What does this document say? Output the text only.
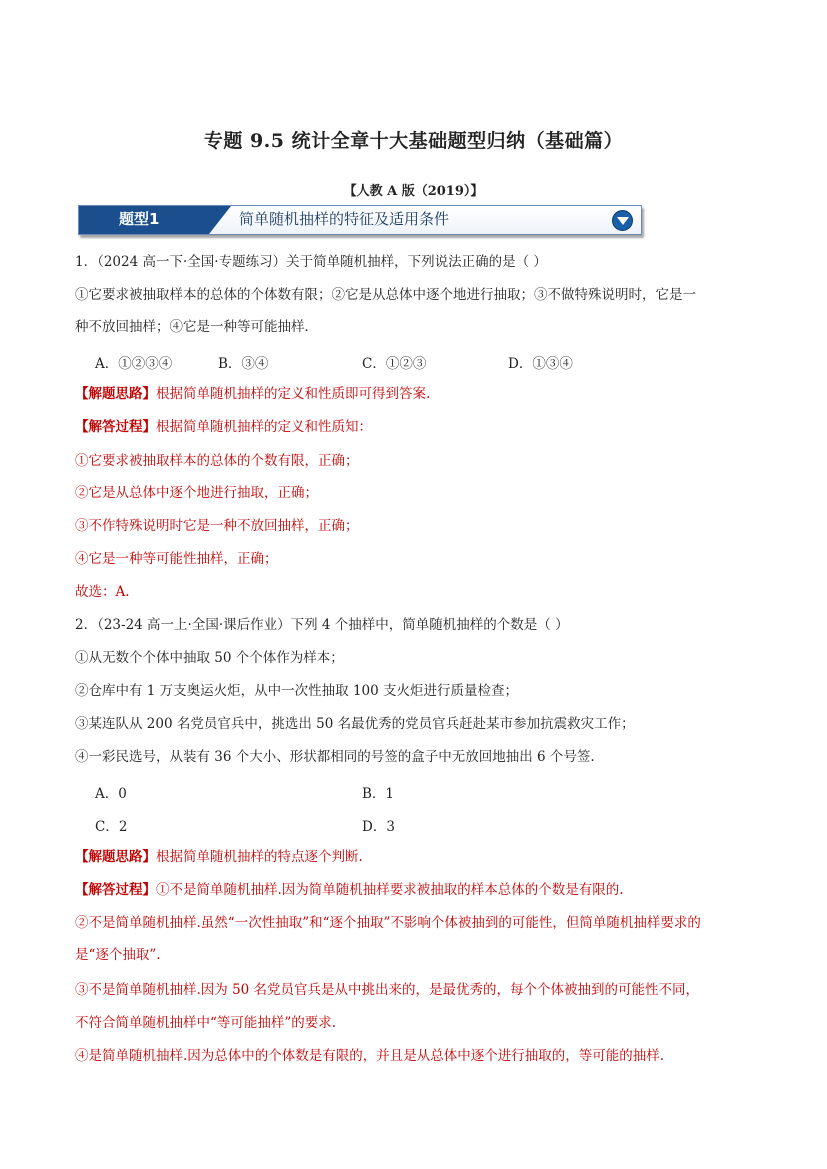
专题 9.5 统计全章十大基础题型归纳（基础篇）
【人教 A 版（2019）】
题型1	简单随机抽样的特征及适用条件
1．（2024 高一下·全国·专题练习）关于简单随机抽样，下列说法正确的是（ ）
①它要求被抽取样本的总体的个体数有限；②它是从总体中逐个地进行抽取；③不做特殊说明时，它是一
种不放回抽样；④它是一种等可能抽样．
A．①②③④	B．③④	C．①②③	D．①③④
【解题思路】根据简单随机抽样的定义和性质即可得到答案.
【解答过程】根据简单随机抽样的定义和性质知：
①它要求被抽取样本的总体的个数有限，正确；
②它是从总体中逐个地进行抽取，正确；
③不作特殊说明时它是一种不放回抽样，正确；
④它是一种等可能性抽样，正确；
故选：A.
2．（23-24 高一上·全国·课后作业）下列 4 个抽样中，简单随机抽样的个数是（ ）
①从无数个个体中抽取 50 个个体作为样本；
②仓库中有 1 万支奥运火炬，从中一次性抽取 100 支火炬进行质量检查；
③某连队从 200 名党员官兵中，挑选出 50 名最优秀的党员官兵赶赴某市参加抗震救灾工作；
④一彩民选号，从装有 36 个大小、形状都相同的号签的盒子中无放回地抽出 6 个号签.
A．0	B．1
C．2	D．3
【解题思路】根据简单随机抽样的特点逐个判断.
【解答过程】①不是简单随机抽样.因为简单随机抽样要求被抽取的样本总体的个数是有限的.
②不是简单随机抽样.虽然“一次性抽取”和“逐个抽取”不影响个体被抽到的可能性，但简单随机抽样要求的
是“逐个抽取”.
③不是简单随机抽样.因为 50 名党员官兵是从中挑出来的，是最优秀的，每个个体被抽到的可能性不同，
不符合简单随机抽样中“等可能抽样”的要求.
④是简单随机抽样.因为总体中的个体数是有限的，并且是从总体中逐个进行抽取的，等可能的抽样.
